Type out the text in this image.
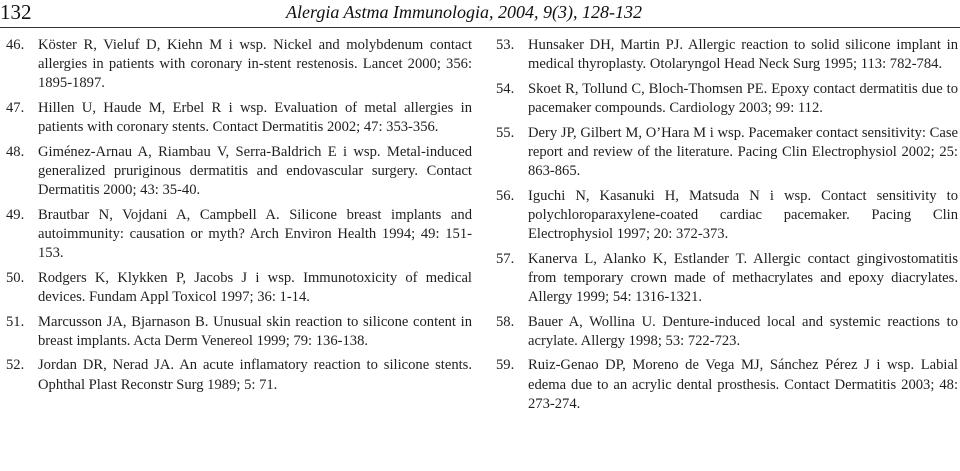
132	Alergia Astma Immunologia, 2004, 9(3), 128-132
46. Köster R, Vieluf D, Kiehn M i wsp. Nickel and molybdenum contact allergies in patients with coronary in-stent restenosis. Lancet 2000; 356: 1895-1897.
47. Hillen U, Haude M, Erbel R i wsp. Evaluation of metal allergies in patients with coronary stents. Contact Dermatitis 2002; 47: 353-356.
48. Giménez-Arnau A, Riambau V, Serra-Baldrich E i wsp. Metal-induced generalized pruriginous dermatitis and endovascular surgery. Contact Dermatitis 2000; 43: 35-40.
49. Brautbar N, Vojdani A, Campbell A. Silicone breast implants and autoimmunity: causation or myth? Arch Environ Health 1994; 49: 151-153.
50. Rodgers K, Klykken P, Jacobs J i wsp. Immunotoxicity of medical devices. Fundam Appl Toxicol 1997; 36: 1-14.
51. Marcusson JA, Bjarnason B. Unusual skin reaction to silicone content in breast implants. Acta Derm Venereol 1999; 79: 136-138.
52. Jordan DR, Nerad JA. An acute inflamatory reaction to silicone stents. Ophthal Plast Reconstr Surg 1989; 5: 71.
53. Hunsaker DH, Martin PJ. Allergic reaction to solid silicone implant in medical thyroplasty. Otolaryngol Head Neck Surg 1995; 113: 782-784.
54. Skoet R, Tollund C, Bloch-Thomsen PE. Epoxy contact dermatitis due to pacemaker compounds. Cardiology 2003; 99: 112.
55. Dery JP, Gilbert M, O’Hara M i wsp. Pacemaker contact sensitivity: Case report and review of the literature. Pacing Clin Electrophysiol 2002; 25: 863-865.
56. Iguchi N, Kasanuki H, Matsuda N i wsp. Contact sensitivity to polychloroparaxylene-coated cardiac pacemaker. Pacing Clin Electrophysiol 1997; 20: 372-373.
57. Kanerva L, Alanko K, Estlander T. Allergic contact gingivostomatitis from temporary crown made of methacrylates and epoxy diacrylates. Allergy 1999; 54: 1316-1321.
58. Bauer A, Wollina U. Denture-induced local and systemic reactions to acrylate. Allergy 1998; 53: 722-723.
59. Ruiz-Genao DP, Moreno de Vega MJ, Sánchez Pérez J i wsp. Labial edema due to an acrylic dental prosthesis. Contact Dermatitis 2003; 48: 273-274.
